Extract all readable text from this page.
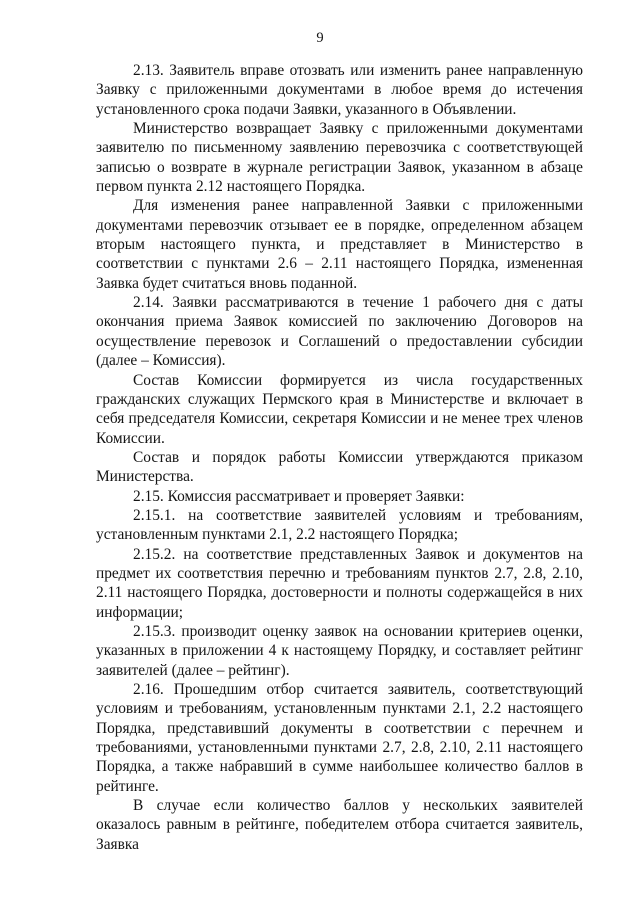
9

2.13. Заявитель вправе отозвать или изменить ранее направленную Заявку с приложенными документами в любое время до истечения установленного срока подачи Заявки, указанного в Объявлении.

Министерство возвращает Заявку с приложенными документами заявителю по письменному заявлению перевозчика с соответствующей записью о возврате в журнале регистрации Заявок, указанном в абзаце первом пункта 2.12 настоящего Порядка.

Для изменения ранее направленной Заявки с приложенными документами перевозчик отзывает ее в порядке, определенном абзацем вторым настоящего пункта, и представляет в Министерство в соответствии с пунктами 2.6 – 2.11 настоящего Порядка, измененная Заявка будет считаться вновь поданной.

2.14. Заявки рассматриваются в течение 1 рабочего дня с даты окончания приема Заявок комиссией по заключению Договоров на осуществление перевозок и Соглашений о предоставлении субсидии (далее – Комиссия).

Состав Комиссии формируется из числа государственных гражданских служащих Пермского края в Министерстве и включает в себя председателя Комиссии, секретаря Комиссии и не менее трех членов Комиссии.

Состав и порядок работы Комиссии утверждаются приказом Министерства.

2.15. Комиссия рассматривает и проверяет Заявки:

2.15.1. на соответствие заявителей условиям и требованиям, установленным пунктами 2.1, 2.2 настоящего Порядка;

2.15.2. на соответствие представленных Заявок и документов на предмет их соответствия перечню и требованиям пунктов 2.7, 2.8, 2.10, 2.11 настоящего Порядка, достоверности и полноты содержащейся в них информации;

2.15.3. производит оценку заявок на основании критериев оценки, указанных в приложении 4 к настоящему Порядку, и составляет рейтинг заявителей (далее – рейтинг).

2.16. Прошедшим отбор считается заявитель, соответствующий условиям и требованиям, установленным пунктами 2.1, 2.2 настоящего Порядка, представивший документы в соответствии с перечнем и требованиями, установленными пунктами 2.7, 2.8, 2.10, 2.11 настоящего Порядка, а также набравший в сумме наибольшее количество баллов в рейтинге.

В случае если количество баллов у нескольких заявителей оказалось равным в рейтинге, победителем отбора считается заявитель, Заявка
